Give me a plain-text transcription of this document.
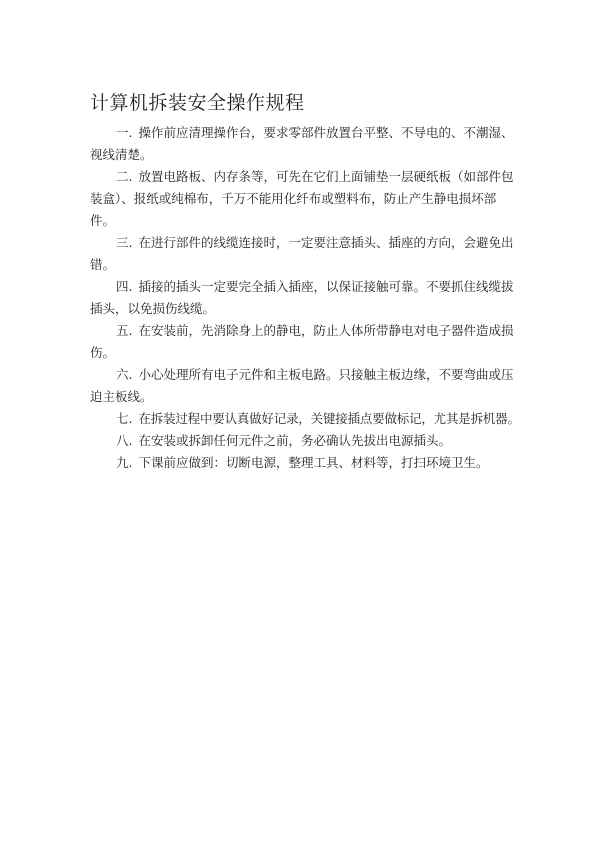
计算机拆装安全操作规程
一. 操作前应清理操作台，要求零部件放置台平整、不导电的、不潮湿、视线清楚。
二. 放置电路板、内存条等，可先在它们上面铺垫一层硬纸板（如部件包装盒）、报纸或纯棉布，千万不能用化纤布或塑料布，防止产生静电损坏部件。
三. 在进行部件的线缆连接时，一定要注意插头、插座的方向，会避免出错。
四. 插接的插头一定要完全插入插座，以保证接触可靠。不要抓住线缆拔插头，以免损伤线缆。
五. 在安装前，先消除身上的静电，防止人体所带静电对电子器件造成损伤。
六. 小心处理所有电子元件和主板电路。只接触主板边缘，不要弯曲或压迫主板线。
七. 在拆装过程中要认真做好记录，关键接插点要做标记，尤其是拆机器。
八. 在安装或拆卸任何元件之前，务必确认先拔出电源插头。
九. 下课前应做到：切断电源，整理工具、材料等，打扫环境卫生。
